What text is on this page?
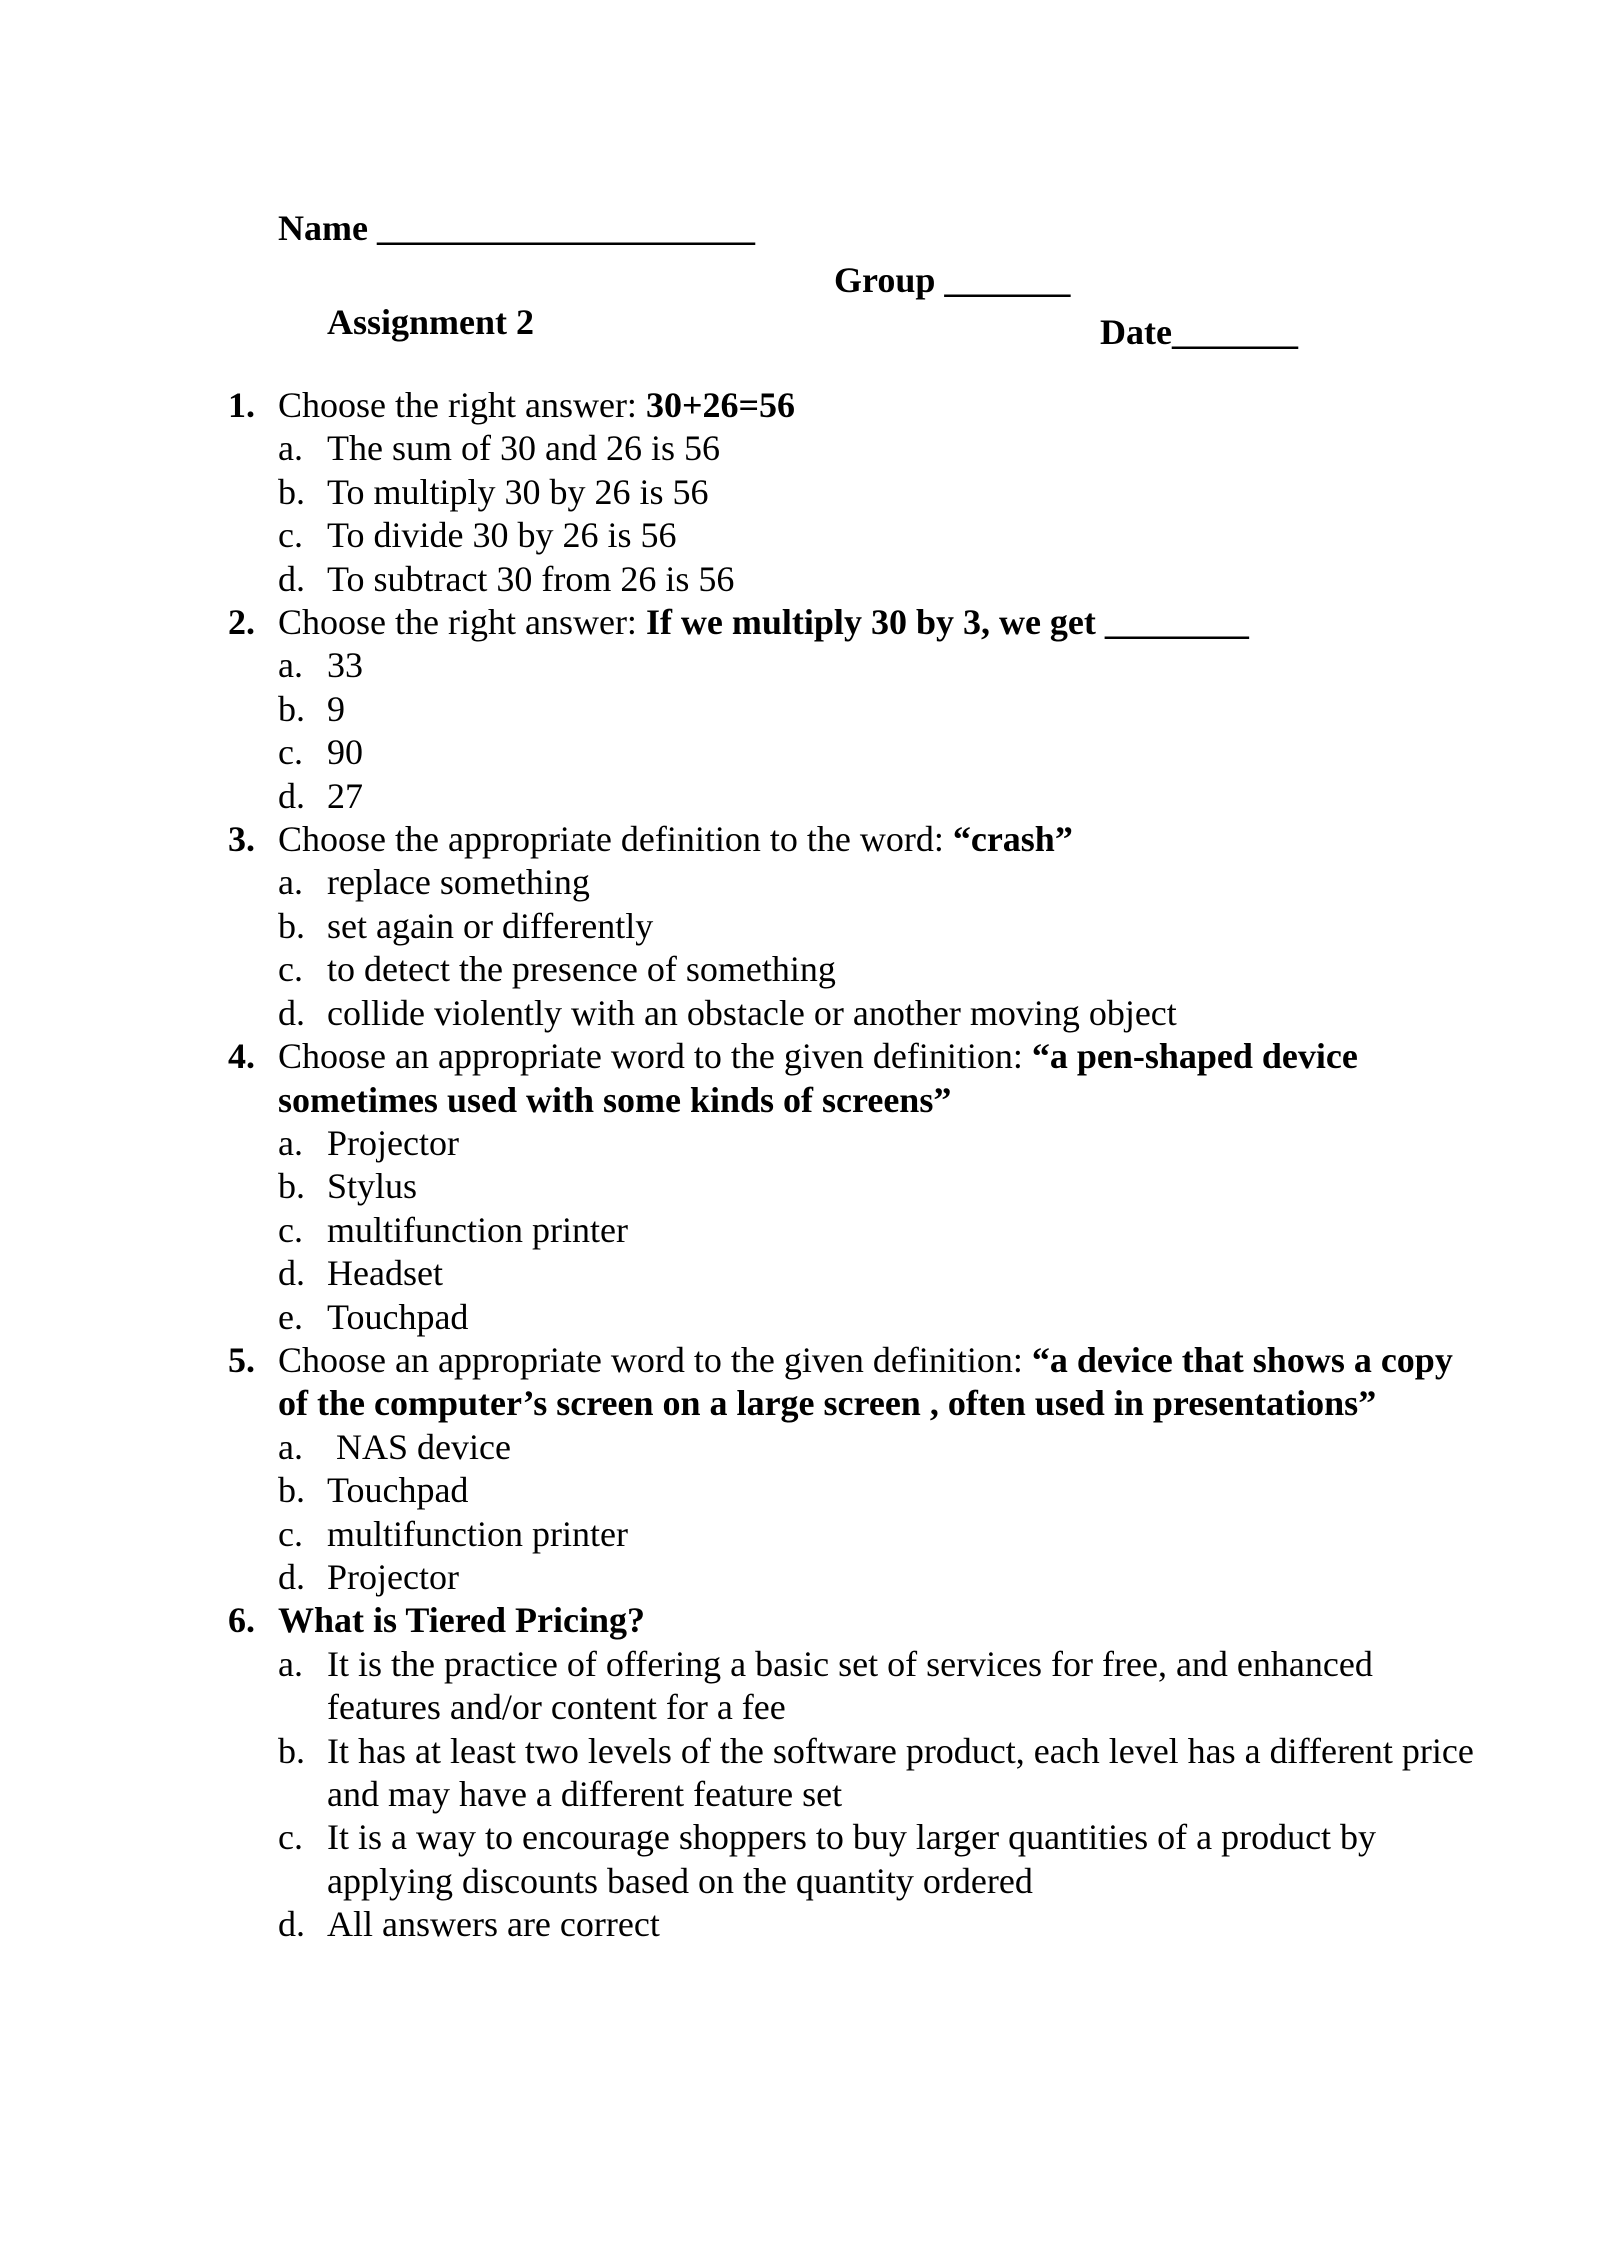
Name _____________________

Group _______

Date_______

Assignment 2
1. Choose the right answer: 30+26=56
a. The sum of 30 and 26 is 56
b. To multiply 30 by 26 is 56
c. To divide 30 by 26 is 56
d. To subtract 30 from 26 is 56
2. Choose the right answer: If we multiply 30 by 3, we get ________
a. 33
b. 9
c. 90
d. 27
3. Choose the appropriate definition to the word: “crash”
a. replace something
b. set again or differently
c. to detect the presence of something
d. collide violently with an obstacle or another moving object
4. Choose an appropriate word to the given definition: “a pen-shaped device sometimes used with some kinds of screens”
a. Projector
b. Stylus
c. multifunction printer
d. Headset
e. Touchpad
5. Choose an appropriate word to the given definition: “a device that shows a copy of the computer’s screen on a large screen , often used in presentations”
a. NAS device
b. Touchpad
c. multifunction printer
d. Projector
6. What is Tiered Pricing?
a. It is the practice of offering a basic set of services for free, and enhanced features and/or content for a fee
b. It has at least two levels of the software product, each level has a different price and may have a different feature set
c. It is a way to encourage shoppers to buy larger quantities of a product by applying discounts based on the quantity ordered
d. All answers are correct
